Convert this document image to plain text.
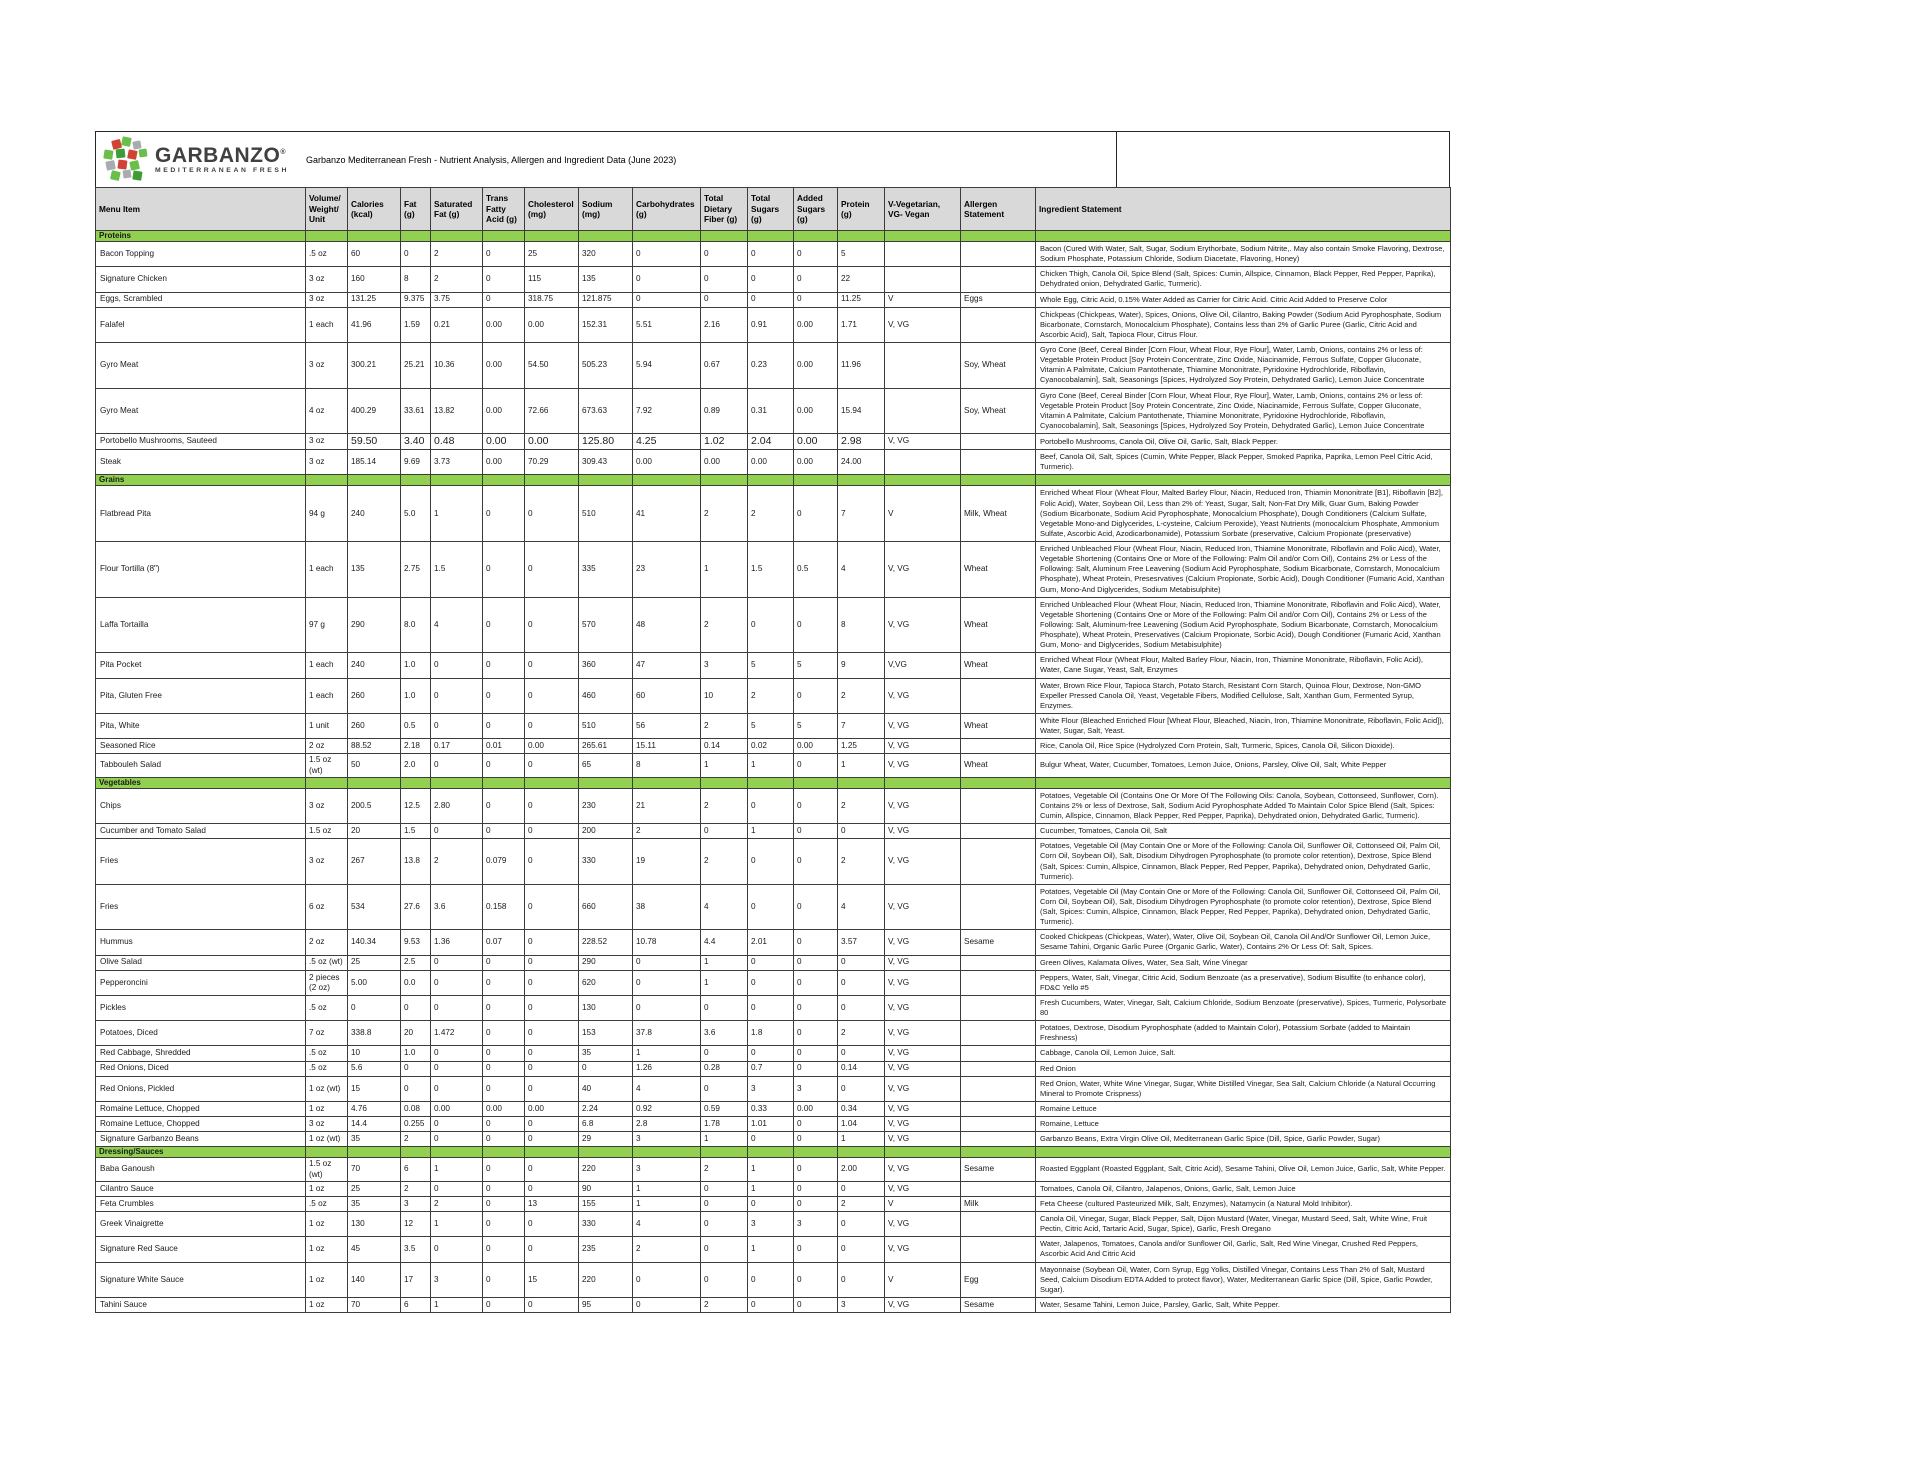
GARBANZO®
MEDITERRANEAN FRESH
Garbanzo Mediterranean Fresh - Nutrient Analysis, Allergen and Ingredient Data (June 2023)
Menu Item	Volume/ Weight/ Unit	Calories (kcal)	Fat (g)	Saturated Fat (g)	Trans Fatty Acid (g)	Cholesterol (mg)	Sodium (mg)	Carbohydrates (g)	Total Dietary Fiber (g)	Total Sugars (g)	Added Sugars (g)	Protein (g)	V-Vegetarian, VG- Vegan	Allergen Statement	Ingredient Statement
Proteins															
Bacon Topping	.5 oz	60	0	2	0	25	320	0	0	0	0	5			Bacon (Cured With Water, Salt, Sugar, Sodium Erythorbate, Sodium Nitrite,. May also contain Smoke Flavoring, Dextrose, Sodium Phosphate, Potassium Chloride, Sodium Diacetate, Flavoring, Honey)
Signature Chicken	3 oz	160	8	2	0	115	135	0	0	0	0	22			Chicken Thigh, Canola Oil, Spice Blend (Salt, Spices: Cumin, Allspice, Cinnamon, Black Pepper, Red Pepper, Paprika), Dehydrated onion, Dehydrated Garlic, Turmeric).
Eggs, Scrambled	3 oz	131.25	9.375	3.75	0	318.75	121.875	0	0	0	0	11.25	V	Eggs	Whole Egg, Citric Acid, 0.15% Water Added as Carrier for Citric Acid. Citric Acid Added to Preserve Color
Falafel	1 each	41.96	1.59	0.21	0.00	0.00	152.31	5.51	2.16	0.91	0.00	1.71	V, VG		Chickpeas (Chickpeas, Water), Spices, Onions, Olive Oil, Cilantro, Baking Powder (Sodium Acid Pyrophosphate, Sodium Bicarbonate, Cornstarch, Monocalcium Phosphate), Contains less than 2% of Garlic Puree (Garlic, Citric Acid and Ascorbic Acid), Salt, Tapioca Flour, Citrus Flour.
Gyro Meat	3 oz	300.21	25.21	10.36	0.00	54.50	505.23	5.94	0.67	0.23	0.00	11.96		Soy, Wheat	Gyro Cone (Beef, Cereal Binder [Corn Flour, Wheat Flour, Rye Flour], Water, Lamb, Onions, contains 2% or less of: Vegetable Protein Product [Soy Protein Concentrate, Zinc Oxide, Niacinamide, Ferrous Sulfate, Copper Gluconate, Vitamin A Palmitate, Calcium Pantothenate, Thiamine Mononitrate, Pyridoxine Hydrochloride, Riboflavin, Cyanocobalamin], Salt, Seasonings [Spices, Hydrolyzed Soy Protein, Dehydrated Garlic), Lemon Juice Concentrate
Gyro Meat	4 oz	400.29	33.61	13.82	0.00	72.66	673.63	7.92	0.89	0.31	0.00	15.94		Soy, Wheat	Gyro Cone (Beef, Cereal Binder [Corn Flour, Wheat Flour, Rye Flour], Water, Lamb, Onions, contains 2% or less of: Vegetable Protein Product [Soy Protein Concentrate, Zinc Oxide, Niacinamide, Ferrous Sulfate, Copper Gluconate, Vitamin A Palmitate, Calcium Pantothenate, Thiamine Mononitrate, Pyridoxine Hydrochloride, Riboflavin, Cyanocobalamin], Salt, Seasonings [Spices, Hydrolyzed Soy Protein, Dehydrated Garlic), Lemon Juice Concentrate
Portobello Mushrooms, Sauteed	3 oz	59.50	3.40	0.48	0.00	0.00	125.80	4.25	1.02	2.04	0.00	2.98	V, VG		Portobello Mushrooms, Canola Oil, Olive Oil, Garlic, Salt, Black Pepper.
Steak	3 oz	185.14	9.69	3.73	0.00	70.29	309.43	0.00	0.00	0.00	0.00	24.00			Beef, Canola Oil, Salt, Spices (Cumin, White Pepper, Black Pepper, Smoked Paprika, Paprika, Lemon Peel Citric Acid, Turmeric).
Grains															
Flatbread Pita	94 g	240	5.0	1	0	0	510	41	2	2	0	7	V	Milk, Wheat	Enriched Wheat Flour (Wheat Flour, Malted Barley Flour, Niacin, Reduced Iron, Thiamin Mononitrate [B1], Riboflavin [B2], Folic Acid), Water, Soybean Oil, Less than 2% of: Yeast, Sugar, Salt, Non-Fat Dry Milk, Guar Gum, Baking Powder (Sodium Bicarbonate, Sodium Acid Pyrophosphate, Monocalcium Phosphate), Dough Conditioners (Calcium Sulfate, Vegetable Mono-and Diglycerides, L-cysteine, Calcium Peroxide), Yeast Nutrients (monocalcium Phosphate, Ammonium Sulfate, Ascorbic Acid, Azodicarbonamide), Potassium Sorbate (preservative, Calcium Propionate (preservative)
Flour Tortilla (8")	1 each	135	2.75	1.5	0	0	335	23	1	1.5	0.5	4	V, VG	Wheat	Enriched Unbleached Flour (Wheat Flour, Niacin, Reduced Iron, Thiamine Mononitrate, Riboflavin and Folic Aicd), Water, Vegetable Shortening (Contains One or More of the Following: Palm Oil and/or Corn Oil), Contains 2% or Less of the Following: Salt, Aluminum Free Leavening (Sodium Acid Pyrophosphate, Sodium Bicarbonate, Cornstarch, Monocalcium Phosphate), Wheat Protein, Presesrvatives (Calcium Propionate, Sorbic Acid), Dough Conditioner (Fumaric Acid, Xanthan Gum, Mono-And Diglycerides, Sodium Metabisulphite)
Laffa Tortailla	97 g	290	8.0	4	0	0	570	48	2	0	0	8	V, VG	Wheat	Enriched Unbleached Flour (Wheat Flour, Niacin, Reduced Iron, Thiamine Mononitrate, Riboflavin and Folic Aicd), Water, Vegetable Shortening (Contains One or More of the Following: Palm Oil and/or Corn Oil), Contains 2% or Less of the Following: Salt, Aluminum-free Leavening (Sodium Acid Pyrophosphate, Sodium Bicarbonate, Cornstarch, Monocalcium Phosphate), Wheat Protein, Preservatives (Calcium Propionate, Sorbic Acid), Dough Conditioner (Fumaric Acid, Xanthan Gum, Mono- and Diglycerides, Sodium Metabisulphite)
Pita Pocket	1 each	240	1.0	0	0	0	360	47	3	5	5	9	V,VG	Wheat	Enriched Wheat Flour (Wheat Flour, Malted Barley Flour, Niacin, Iron, Thiamine Mononitrate, Riboflavin, Folic Acid), Water, Cane Sugar, Yeast, Salt, Enzymes
Pita, Gluten Free	1 each	260	1.0	0	0	0	460	60	10	2	0	2	V, VG		Water, Brown Rice Flour, Tapioca Starch, Potato Starch, Resistant Corn Starch, Quinoa Flour, Dextrose, Non-GMO Expeller Pressed Canola Oil, Yeast, Vegetable Fibers, Modified Cellulose, Salt, Xanthan Gum, Fermented Syrup, Enzymes.
Pita, White	1 unit	260	0.5	0	0	0	510	56	2	5	5	7	V, VG	Wheat	White Flour (Bleached Enriched Flour [Wheat Flour, Bleached, Niacin, Iron, Thiamine Mononitrate, Riboflavin, Folic Acid]), Water, Sugar, Salt, Yeast.
Seasoned Rice	2 oz	88.52	2.18	0.17	0.01	0.00	265.61	15.11	0.14	0.02	0.00	1.25	V, VG		Rice, Canola Oil, Rice Spice (Hydrolyzed Corn Protein, Salt, Turmeric, Spices, Canola Oil, Silicon Dioxide).
Tabbouleh Salad	1.5 oz (wt)	50	2.0	0	0	0	65	8	1	1	0	1	V, VG	Wheat	Bulgur Wheat, Water, Cucumber, Tomatoes, Lemon Juice, Onions, Parsley, Olive Oil, Salt, White Pepper
Vegetables															
Chips	3 oz	200.5	12.5	2.80	0	0	230	21	2	0	0	2	V, VG		Potatoes, Vegetable Oil (Contains One Or More Of The Following Oils: Canola, Soybean, Cottonseed, Sunflower, Corn). Contains 2% or less of Dextrose, Salt, Sodium Acid Pyrophosphate Added To Maintain Color Spice Blend (Salt, Spices: Cumin, Allspice, Cinnamon, Black Pepper, Red Pepper, Paprika), Dehydrated onion, Dehydrated Garlic, Turmeric).
Cucumber and Tomato Salad	1.5 oz	20	1.5	0	0	0	200	2	0	1	0	0	V, VG		Cucumber, Tomatoes, Canola Oil, Salt
Fries	3 oz	267	13.8	2	0.079	0	330	19	2	0	0	2	V, VG		Potatoes, Vegetable Oil (May Contain One or More of the Following: Canola Oil, Sunflower Oil, Cottonseed Oil, Palm Oil, Corn Oil, Soybean Oil), Salt, Disodium Dihydrogen Pyrophosphate (to promote color retention), Dextrose, Spice Blend (Salt, Spices: Cumin, Allspice, Cinnamon, Black Pepper, Red Pepper, Paprika), Dehydrated onion, Dehydrated Garlic, Turmeric).
Fries	6 oz	534	27.6	3.6	0.158	0	660	38	4	0	0	4	V, VG		Potatoes, Vegetable Oil (May Contain One or More of the Following: Canola Oil, Sunflower Oil, Cottonseed Oil, Palm Oil, Corn Oil, Soybean Oil), Salt, Disodium Dihydrogen Pyrophosphate (to promote color retention), Dextrose, Spice Blend (Salt, Spices: Cumin, Allspice, Cinnamon, Black Pepper, Red Pepper, Paprika), Dehydrated onion, Dehydrated Garlic, Turmeric).
Hummus	2 oz	140.34	9.53	1.36	0.07	0	228.52	10.78	4.4	2.01	0	3.57	V, VG	Sesame	Cooked Chickpeas (Chickpeas, Water), Water, Olive Oil, Soybean Oil, Canola Oil And/Or Sunflower Oil, Lemon Juice, Sesame Tahini, Organic Garlic Puree (Organic Garlic, Water), Contains 2% Or Less Of: Salt, Spices.
Olive Salad	.5 oz (wt)	25	2.5	0	0	0	290	0	1	0	0	0	V, VG		Green Olives, Kalamata Olives, Water, Sea Salt, Wine Vinegar
Pepperoncini	2 pieces (2 oz)	5.00	0.0	0	0	0	620	0	1	0	0	0	V, VG		Peppers, Water, Salt, Vinegar, Citric Acid, Sodium Benzoate (as a preservative), Sodium Bisulfite (to enhance color), FD&C Yello #5
Pickles	.5 oz	0	0	0	0	0	130	0	0	0	0	0	V, VG		Fresh Cucumbers, Water, Vinegar, Salt, Calcium Chloride, Sodium Benzoate (preservative), Spices, Turmeric, Polysorbate 80
Potatoes, Diced	7 oz	338.8	20	1.472	0	0	153	37.8	3.6	1.8	0	2	V, VG		Potatoes, Dextrose, Disodium Pyrophosphate (added to Maintain Color), Potassium Sorbate (added to Maintain Freshness)
Red Cabbage, Shredded	.5 oz	10	1.0	0	0	0	35	1	0	0	0	0	V, VG		Cabbage, Canola Oil, Lemon Juice, Salt.
Red Onions, Diced	.5 oz	5.6	0	0	0	0	0	1.26	0.28	0.7	0	0.14	V, VG		Red Onion
Red Onions, Pickled	1 oz (wt)	15	0	0	0	0	40	4	0	3	3	0	V, VG		Red Onion, Water, White Wine Vinegar, Sugar, White Distilled Vinegar, Sea Salt, Calcium Chloride (a Natural Occurring Mineral to Promote Crispness)
Romaine Lettuce, Chopped	1 oz	4.76	0.08	0.00	0.00	0.00	2.24	0.92	0.59	0.33	0.00	0.34	V, VG		Romaine Lettuce
Romaine Lettuce, Chopped	3 oz	14.4	0.255	0	0	0	6.8	2.8	1.78	1.01	0	1.04	V, VG		Romaine, Lettuce
Signature Garbanzo Beans	1 oz (wt)	35	2	0	0	0	29	3	1	0	0	1	V, VG		Garbanzo Beans, Extra Virgin Olive Oil, Mediterranean Garlic Spice (Dill, Spice, Garlic Powder, Sugar)
Dressing/Sauces															
Baba Ganoush	1.5 oz (wt)	70	6	1	0	0	220	3	2	1	0	2.00	V, VG	Sesame	Roasted Eggplant (Roasted Eggplant, Salt, Citric Acid), Sesame Tahini, Olive Oil, Lemon Juice, Garlic, Salt, White Pepper.
Cilantro Sauce	1 oz	25	2	0	0	0	90	1	0	1	0	0	V, VG		Tomatoes, Canola Oil, Cilantro, Jalapenos, Onions, Garlic, Salt, Lemon Juice
Feta Crumbles	.5 oz	35	3	2	0	13	155	1	0	0	0	2	V	Milk	Feta Cheese (cultured Pasteurized Milk, Salt, Enzymes), Natamycin (a Natural Mold Inhibitor).
Greek Vinaigrette	1 oz	130	12	1	0	0	330	4	0	3	3	0	V, VG		Canola Oil, Vinegar, Sugar, Black Pepper, Salt, Dijon Mustard (Water, Vinegar, Mustard Seed, Salt, White Wine, Fruit Pectin, Citric Acid, Tartaric Acid, Sugar, Spice), Garlic, Fresh Oregano
Signature Red Sauce	1 oz	45	3.5	0	0	0	235	2	0	1	0	0	V, VG		Water, Jalapenos, Tomatoes, Canola and/or Sunflower Oil, Garlic, Salt, Red Wine Vinegar, Crushed Red Peppers, Ascorbic Acid And Citric Acid
Signature White Sauce	1 oz	140	17	3	0	15	220	0	0	0	0	0	V	Egg	Mayonnaise (Soybean Oil, Water, Corn Syrup, Egg Yolks, Distilled Vinegar, Contains Less Than 2% of Salt, Mustard Seed, Calcium Disodium EDTA Added to protect flavor), Water, Mediterranean Garlic Spice (Dill, Spice, Garlic Powder, Sugar).
Tahini Sauce	1 oz	70	6	1	0	0	95	0	2	0	0	3	V, VG	Sesame	Water, Sesame Tahini, Lemon Juice, Parsley, Garlic, Salt, White Pepper.
